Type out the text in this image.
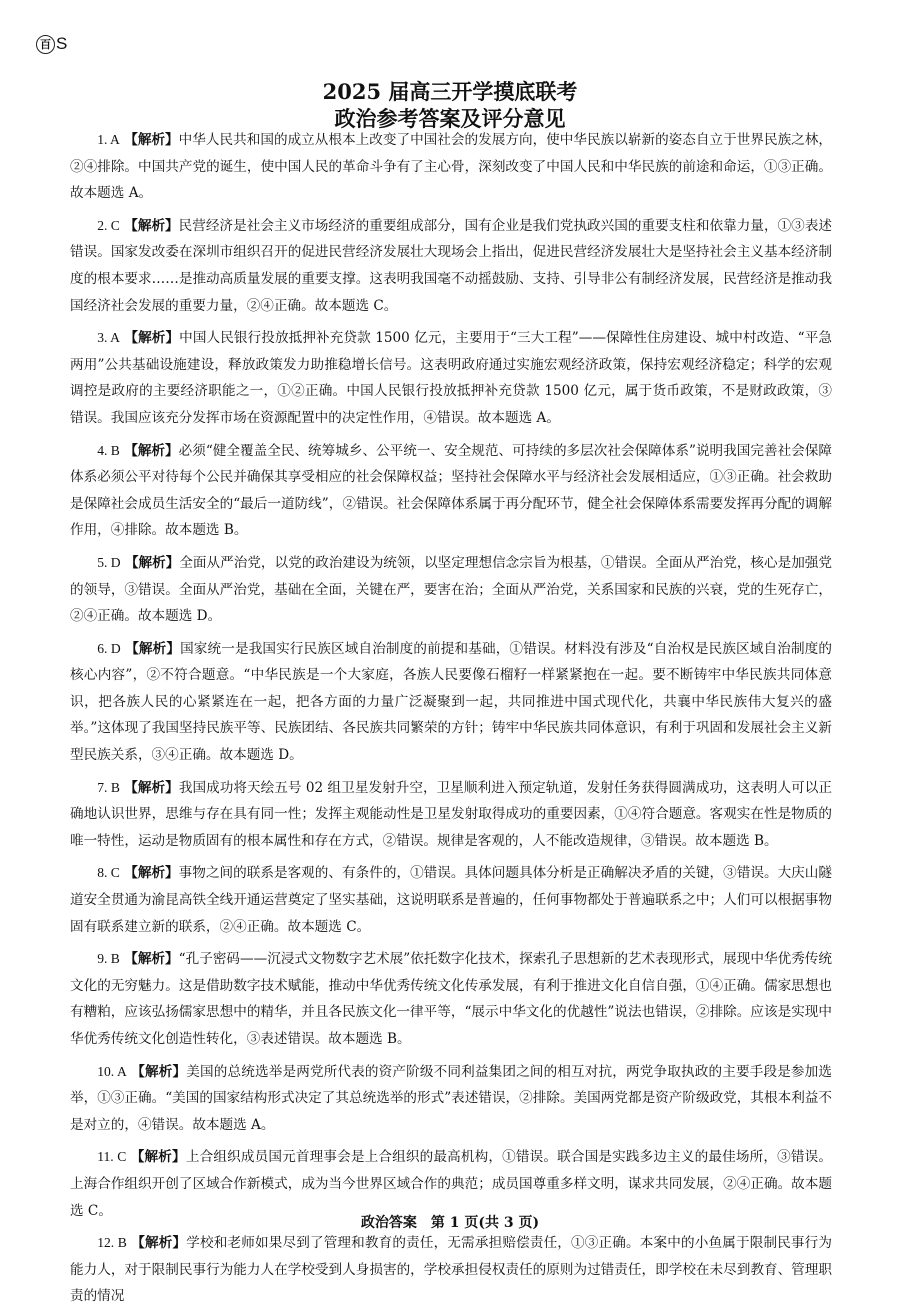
百 S
2025 届高三开学摸底联考
政治参考答案及评分意见

1. A 【解析】中华人民共和国的成立从根本上改变了中国社会的发展方向，使中华民族以崭新的姿态自立于世界民族之林，②④排除。中国共产党的诞生，使中国人民的革命斗争有了主心骨，深刻改变了中国人民和中华民族的前途和命运，①③正确。故本题选 A。

2. C 【解析】民营经济是社会主义市场经济的重要组成部分，国有企业是我们党执政兴国的重要支柱和依靠力量，①③表述错误。国家发改委在深圳市组织召开的促进民营经济发展壮大现场会上指出，促进民营经济发展壮大是坚持社会主义基本经济制度的根本要求……是推动高质量发展的重要支撑。这表明我国毫不动摇鼓励、支持、引导非公有制经济发展，民营经济是推动我国经济社会发展的重要力量，②④正确。故本题选 C。

3. A 【解析】中国人民银行投放抵押补充贷款 1500 亿元，主要用于“三大工程”——保障性住房建设、城中村改造、“平急两用”公共基础设施建设，释放政策发力助推稳增长信号。这表明政府通过实施宏观经济政策，保持宏观经济稳定；科学的宏观调控是政府的主要经济职能之一，①②正确。中国人民银行投放抵押补充贷款 1500 亿元，属于货币政策，不是财政政策，③错误。我国应该充分发挥市场在资源配置中的决定性作用，④错误。故本题选 A。

4. B 【解析】必须“健全覆盖全民、统筹城乡、公平统一、安全规范、可持续的多层次社会保障体系”说明我国完善社会保障体系必须公平对待每个公民并确保其享受相应的社会保障权益；坚持社会保障水平与经济社会发展相适应，①③正确。社会救助是保障社会成员生活安全的“最后一道防线”，②错误。社会保障体系属于再分配环节，健全社会保障体系需要发挥再分配的调解作用，④排除。故本题选 B。

5. D 【解析】全面从严治党，以党的政治建设为统领，以坚定理想信念宗旨为根基，①错误。全面从严治党，核心是加强党的领导，③错误。全面从严治党，基础在全面，关键在严，要害在治；全面从严治党，关系国家和民族的兴衰，党的生死存亡，②④正确。故本题选 D。

6. D 【解析】国家统一是我国实行民族区域自治制度的前提和基础，①错误。材料没有涉及“自治权是民族区域自治制度的核心内容”，②不符合题意。“中华民族是一个大家庭，各族人民要像石榴籽一样紧紧抱在一起。要不断铸牢中华民族共同体意识，把各族人民的心紧紧连在一起，把各方面的力量广泛凝聚到一起，共同推进中国式现代化，共襄中华民族伟大复兴的盛举。”这体现了我国坚持民族平等、民族团结、各民族共同繁荣的方针；铸牢中华民族共同体意识，有利于巩固和发展社会主义新型民族关系，③④正确。故本题选 D。

7. B 【解析】我国成功将天绘五号 02 组卫星发射升空，卫星顺利进入预定轨道，发射任务获得圆满成功，这表明人可以正确地认识世界，思维与存在具有同一性；发挥主观能动性是卫星发射取得成功的重要因素，①④符合题意。客观实在性是物质的唯一特性，运动是物质固有的根本属性和存在方式，②错误。规律是客观的，人不能改造规律，③错误。故本题选 B。

8. C 【解析】事物之间的联系是客观的、有条件的，①错误。具体问题具体分析是正确解决矛盾的关键，③错误。大庆山隧道安全贯通为渝昆高铁全线开通运营奠定了坚实基础，这说明联系是普遍的，任何事物都处于普遍联系之中；人们可以根据事物固有联系建立新的联系，②④正确。故本题选 C。

9. B 【解析】“孔子密码——沉浸式文物数字艺术展”依托数字化技术，探索孔子思想新的艺术表现形式，展现中华优秀传统文化的无穷魅力。这是借助数字技术赋能，推动中华优秀传统文化传承发展，有利于推进文化自信自强，①④正确。儒家思想也有糟粕，应该弘扬儒家思想中的精华，并且各民族文化一律平等，“展示中华文化的优越性”说法也错误，②排除。应该是实现中华优秀传统文化创造性转化，③表述错误。故本题选 B。

10. A 【解析】美国的总统选举是两党所代表的资产阶级不同利益集团之间的相互对抗，两党争取执政的主要手段是参加选举，①③正确。“美国的国家结构形式决定了其总统选举的形式”表述错误，②排除。美国两党都是资产阶级政党，其根本利益不是对立的，④错误。故本题选 A。

11. C 【解析】上合组织成员国元首理事会是上合组织的最高机构，①错误。联合国是实践多边主义的最佳场所，③错误。上海合作组织开创了区域合作新模式，成为当今世界区域合作的典范；成员国尊重多样文明，谋求共同发展，②④正确。故本题选 C。

12. B 【解析】学校和老师如果尽到了管理和教育的责任，无需承担赔偿责任，①③正确。本案中的小鱼属于限制民事行为能力人，对于限制民事行为能力人在学校受到人身损害的，学校承担侵权责任的原则为过错责任，即学校在未尽到教育、管理职责的情况

政治答案　第 1 页(共 3 页)
